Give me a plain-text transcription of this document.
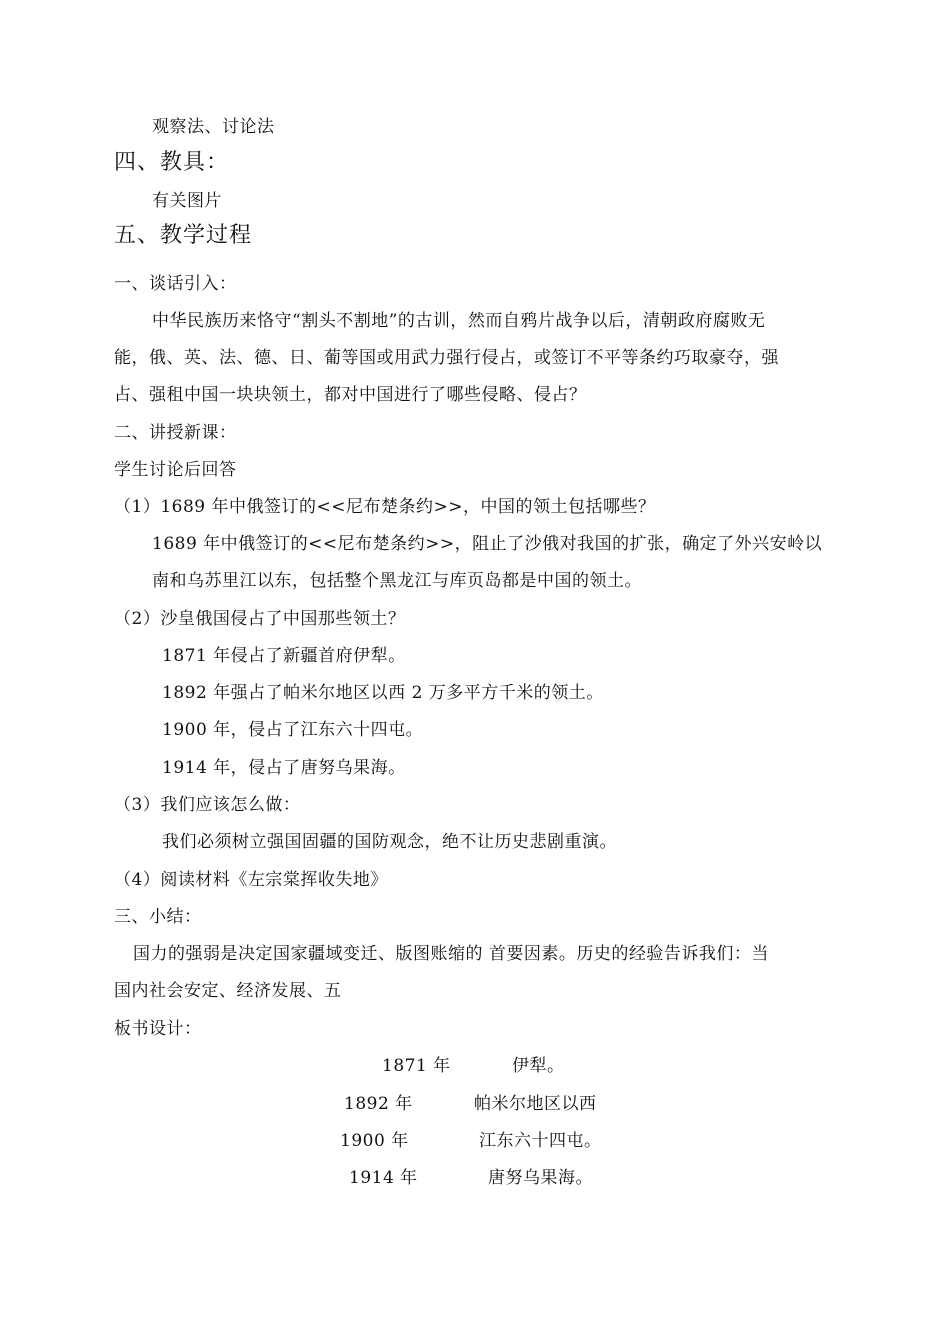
观察法、讨论法
四、教具：
有关图片
五、教学过程
一、谈话引入：
中华民族历来恪守“割头不割地”的古训，然而自鸦片战争以后，清朝政府腐败无
能，俄、英、法、德、日、葡等国或用武力强行侵占，或签订不平等条约巧取豪夺，强
占、强租中国一块块领土，都对中国进行了哪些侵略、侵占？
二、讲授新课：
学生讨论后回答
（1）1689 年中俄签订的<<尼布楚条约>>，中国的领土包括哪些？
1689 年中俄签订的<<尼布楚条约>>，阻止了沙俄对我国的扩张，确定了外兴安岭以
南和乌苏里江以东，包括整个黑龙江与库页岛都是中国的领土。
（2）沙皇俄国侵占了中国那些领土？
1871 年侵占了新疆首府伊犁。
1892 年强占了帕米尔地区以西 2 万多平方千米的领土。
1900 年，侵占了江东六十四屯。
1914 年，侵占了唐努乌果海。
（3）我们应该怎么做：
我们必须树立强国固疆的国防观念，绝不让历史悲剧重演。
（4）阅读材料《左宗棠挥收失地》
三、小结：
国力的强弱是决定国家疆域变迁、版图账缩的 首要因素。历史的经验告诉我们：当
国内社会安定、经济发展、五
板书设计：
1871 年	伊犁。
1892 年	帕米尔地区以西
1900 年	江东六十四屯。
1914 年	唐努乌果海。
